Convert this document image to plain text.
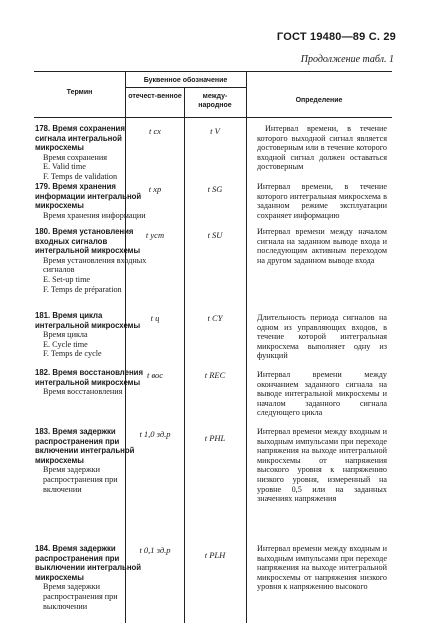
ГОСТ 19480—89 С. 29
Продолжение табл. 1
Термин
Буквенное обозначение
отечест-венное	между-народное
Определение
178. Время сохранения сигнала интегральной микросхемы
Время сохранения
E. Valid time
F. Temps de validation
t сх	t V	Интервал времени, в течение которого выходной сигнал является достоверным или в течение которого входной сигнал должен оставаться достоверным
179. Время хранения информации интегральной микросхемы
Время хранения информации
t хр	t SG	Интервал времени, в течение которого интегральная микросхема в заданном режиме эксплуатации сохраняет информацию
180. Время установления входных сигналов интегральной микросхемы
Время установления входных сигналов
E. Set-up time
F. Temps de préparation
t уст	t SU	Интервал времени между началом сигнала на заданном выводе входа и последующим активным переходом на другом заданном выводе входа
181. Время цикла интегральной микросхемы
Время цикла
E. Cycle time
F. Temps de cycle
t ц	t CY	Длительность периода сигналов на одном из управляющих входов, в течение которой интегральная микросхема выполняет одну из функций
182. Время восстановления интегральной микросхемы
Время восстановления
t вос	t REC	Интервал времени между окончанием заданного сигнала на выводе интегральной микросхемы и началом заданного сигнала следующего цикла
183. Время задержки распространения при включении интегральной микросхемы
Время задержки распространения при включении
t 1,0 зд.р	t PHL
Интервал времени между входным и выходным импульсами при переходе напряжения на выходе интегральной микросхемы от напряжения высокого уровня к напряжению низкого уровня, измеренный на уровне 0,5 или на заданных значениях напряжения
184. Время задержки распространения при выключении интегральной микросхемы
Время задержки распространения при выключении
t 0,1 зд.р	t PLH
Интервал времени между входным и выходным импульсами при переходе напряжения на выходе интегральной микросхемы от напряжения низкого уровня к напряжению высокого
